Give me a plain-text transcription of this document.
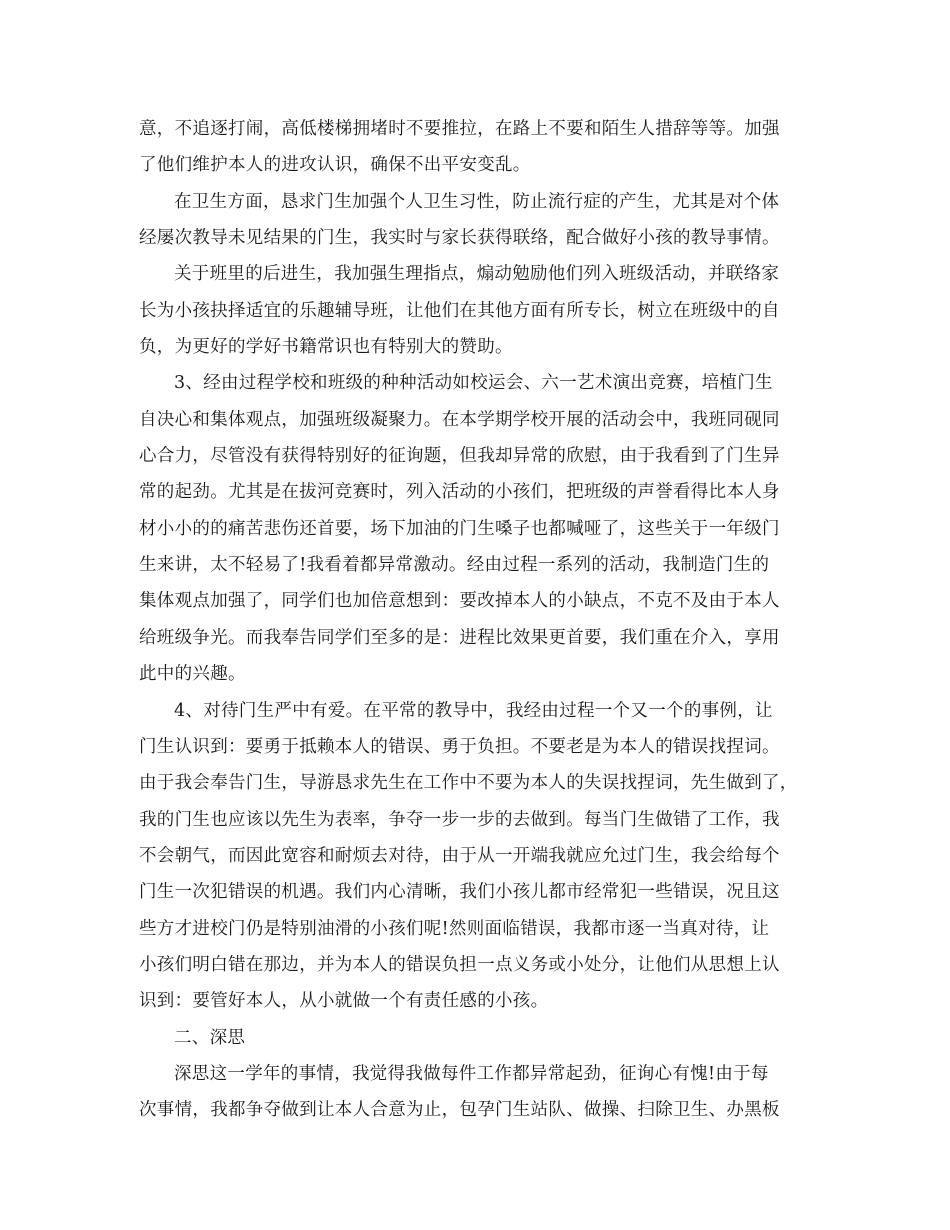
意，不追逐打闹，高低楼梯拥堵时不要推拉，在路上不要和陌生人措辞等等。加强
了他们维护本人的进攻认识，确保不出平安变乱。
在卫生方面，恳求门生加强个人卫生习性，防止流行症的产生，尤其是对个体
经屡次教导未见结果的门生，我实时与家长获得联络，配合做好小孩的教导事情。
关于班里的后进生，我加强生理指点，煽动勉励他们列入班级活动，并联络家
长为小孩抉择适宜的乐趣辅导班，让他们在其他方面有所专长，树立在班级中的自
负，为更好的学好书籍常识也有特别大的赞助。
3、经由过程学校和班级的种种活动如校运会、六一艺术演出竞赛，培植门生
自决心和集体观点，加强班级凝聚力。在本学期学校开展的活动会中，我班同砚同
心合力，尽管没有获得特别好的征询题，但我却异常的欣慰，由于我看到了门生异
常的起劲。尤其是在拔河竞赛时，列入活动的小孩们，把班级的声誉看得比本人身
材小小的的痛苦悲伤还首要，场下加油的门生嗓子也都喊哑了，这些关于一年级门
生来讲，太不轻易了!我看着都异常激动。经由过程一系列的活动，我制造门生的
集体观点加强了，同学们也加倍意想到：要改掉本人的小缺点，不克不及由于本人
给班级争光。而我奉告同学们至多的是：进程比效果更首要，我们重在介入，享用
此中的兴趣。
4、对待门生严中有爱。在平常的教导中，我经由过程一个又一个的事例，让
门生认识到：要勇于抵赖本人的错误、勇于负担。不要老是为本人的错误找捏词。
由于我会奉告门生，导游恳求先生在工作中不要为本人的失误找捏词，先生做到了，
我的门生也应该以先生为表率，争夺一步一步的去做到。每当门生做错了工作，我
不会朝气，而因此宽容和耐烦去对待，由于从一开端我就应允过门生，我会给每个
门生一次犯错误的机遇。我们内心清晰，我们小孩儿都市经常犯一些错误，况且这
些方才进校门仍是特别油滑的小孩们呢!然则面临错误，我都市逐一当真对待，让
小孩们明白错在那边，并为本人的错误负担一点义务或小处分，让他们从思想上认
识到：要管好本人，从小就做一个有责任感的小孩。
二、深思
深思这一学年的事情，我觉得我做每件工作都异常起劲，征询心有愧!由于每
次事情，我都争夺做到让本人合意为止，包孕门生站队、做操、扫除卫生、办黑板
